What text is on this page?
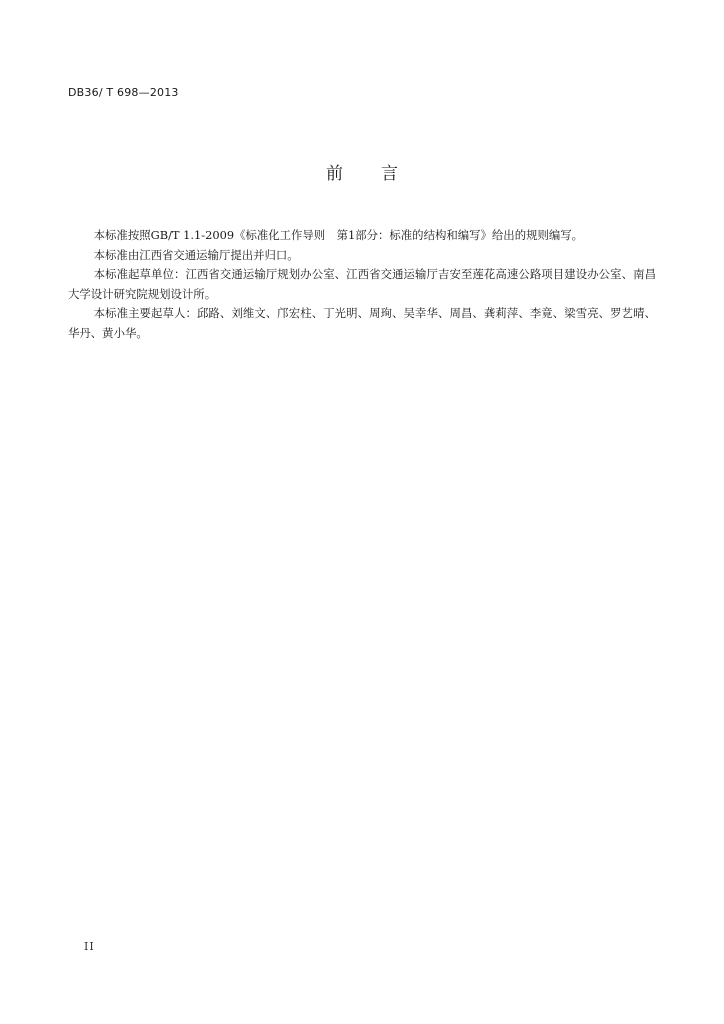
DB36/ T 698—2013
前 言

本标准按照GB/T 1.1-2009《标准化工作导则　第1部分：标准的结构和编写》给出的规则编写。

本标准由江西省交通运输厅提出并归口。

本标准起草单位：江西省交通运输厅规划办公室、江西省交通运输厅吉安至莲花高速公路项目建设办公室、南昌大学设计研究院规划设计所。

本标准主要起草人：邱路、刘维文、邝宏柱、丁光明、周珣、吴幸华、周昌、龚莉萍、李竟、梁雪亮、罗艺晴、华丹、黄小华。

II
